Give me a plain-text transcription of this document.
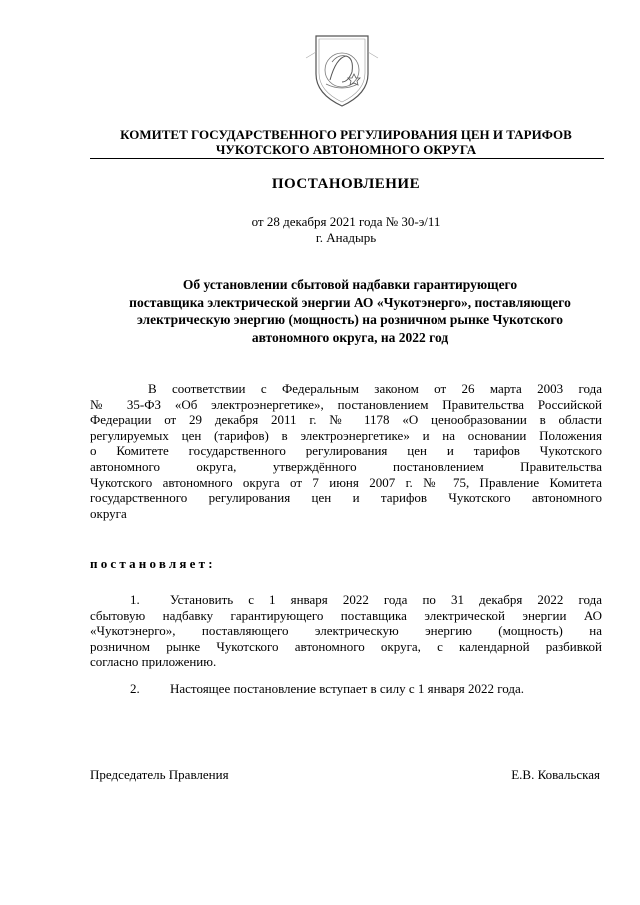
КОМИТЕТ ГОСУДАРСТВЕННОГО РЕГУЛИРОВАНИЯ ЦЕН И ТАРИФОВ
ЧУКОТСКОГО АВТОНОМНОГО ОКРУГА
ПОСТАНОВЛЕНИЕ
от 28 декабря 2021 года № 30-э/11
г. Анадырь
Об установлении сбытовой надбавки гарантирующего
поставщика электрической энергии АО «Чукотэнерго», поставляющего
электрическую энергию (мощность) на розничном рынке Чукотского
автономного округа, на 2022 год
В соответствии с Федеральным законом от 26 марта 2003 года
№ 35-ФЗ «Об электроэнергетике», постановлением Правительства Российской
Федерации от 29 декабря 2011 г. № 1178 «О ценообразовании в области
регулируемых цен (тарифов) в электроэнергетике» и на основании Положения
о Комитете государственного регулирования цен и тарифов Чукотского
автономного округа, утверждённого постановлением Правительства
Чукотского автономного округа от 7 июня 2007 г. № 75, Правление Комитета
государственного регулирования цен и тарифов Чукотского автономного
округа
постановляет:
1.	Установить с 1 января 2022 года по 31 декабря 2022 года
сбытовую надбавку гарантирующего поставщика электрической энергии АО
«Чукотэнерго», поставляющего электрическую энергию (мощность) на
розничном рынке Чукотского автономного округа, с календарной разбивкой
согласно приложению.
2. Настоящее постановление вступает в силу с 1 января 2022 года.
Председатель Правления	Е.В. Ковальская
